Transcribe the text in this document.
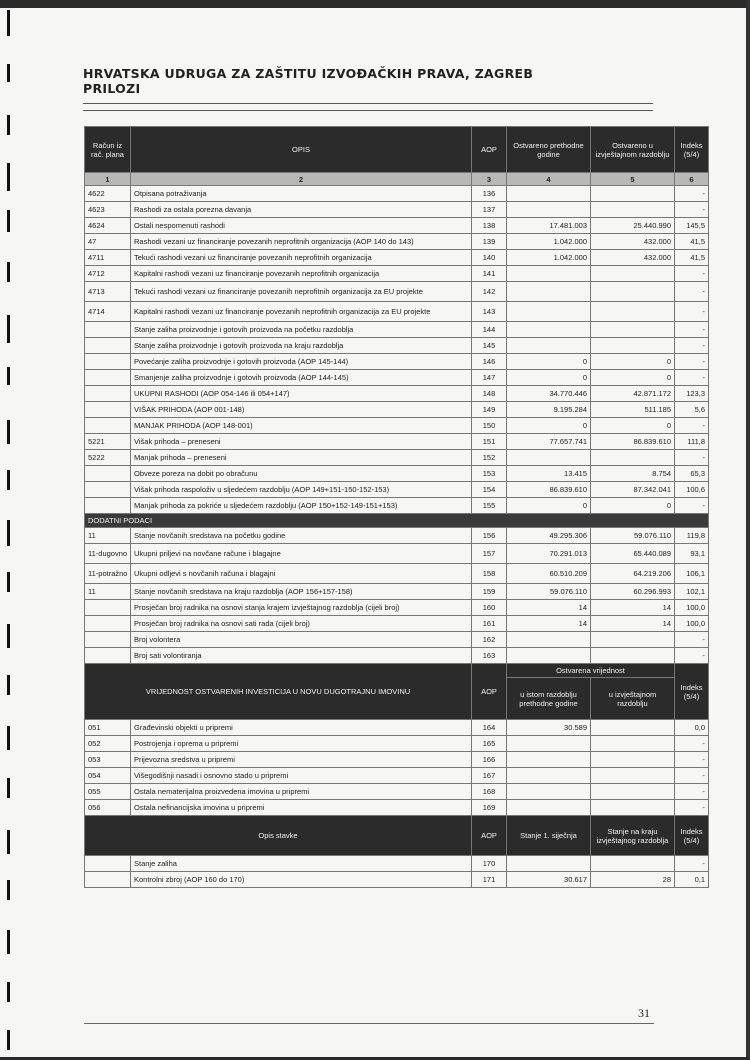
HRVATSKA UDRUGA ZA ZAŠTITU IZVOĐAČKIH PRAVA, ZAGREB
PRILOZI
Račun iz rač. plana	OPIS	AOP	Ostvareno prethodne godine	Ostvareno u izvještajnom razdoblju	Indeks (5/4)
1	2	3	4	5	6
4622	Otpisana potraživanja	136			-
4623	Rashodi za ostala porezna davanja	137			-
4624	Ostali nespomenuti rashodi	138	17.481.003	25.440.990	145,5
47	Rashodi vezani uz financiranje povezanih neprofitnih organizacija (AOP 140 do 143)	139	1.042.000	432.000	41,5
4711	Tekući rashodi vezani uz financiranje povezanih neprofitnih organizacija	140	1.042.000	432.000	41,5
4712	Kapitalni rashodi vezani uz financiranje povezanih neprofitnih organizacija	141			-
4713	Tekući rashodi vezani uz financiranje povezanih neprofitnih organizacija za EU projekte	142			-
4714	Kapitalni rashodi vezani uz financiranje povezanih neprofitnih organizacija za EU projekte	143			-
	Stanje zaliha proizvodnje i gotovih proizvoda na početku razdoblja	144			-
	Stanje zaliha proizvodnje i gotovih proizvoda na kraju razdoblja	145			-
	Povećanje zaliha proizvodnje i gotovih proizvoda (AOP 145-144)	146	0	0	-
	Smanjenje zaliha proizvodnje i gotovih proizvoda (AOP 144-145)	147	0	0	-
	UKUPNI RASHODI (AOP 054-146 ili 054+147)	148	34.770.446	42.871.172	123,3
	VIŠAK PRIHODA (AOP 001-148)	149	9.195.284	511.185	5,6
	MANJAK PRIHODA (AOP 148-001)	150	0	0	-
5221	Višak prihoda – preneseni	151	77.657.741	86.839.610	111,8
5222	Manjak prihoda – preneseni	152			-
	Obveze poreza na dobit po obračunu	153	13.415	8.754	65,3
	Višak prihoda raspoloživ u sljedećem razdoblju (AOP 149+151-150-152-153)	154	86.839.610	87.342.041	100,6
	Manjak prihoda za pokriće u sljedećem razdoblju (AOP 150+152-149-151+153)	155	0	0	-
DODATNI PODACI					
11	Stanje novčanih sredstava na početku godine	156	49.295.306	59.076.110	119,8
11-dugovno	Ukupni priljevi na novčane račune i blagajne	157	70.291.013	65.440.089	93,1
11-potražno	Ukupni odljevi s novčanih računa i blagajni	158	60.510.209	64.219.206	106,1
11	Stanje novčanih sredstava na kraju razdoblja (AOP 156+157-158)	159	59.076.110	60.296.993	102,1
	Prosječan broj radnika na osnovi stanja krajem izvještajnog razdoblja (cijeli broj)	160	14	14	100,0
	Prosječan broj radnika na osnovi sati rada (cijeli broj)	161	14	14	100,0
	Broj volontera	162			-
	Broj sati volontiranja	163			-
VRIJEDNOST OSTVARENIH INVESTICIJA U NOVU DUGOTRAJNU IMOVINU		AOP	Ostvarena vrijednost		Indeks (5/4)
			u istom razdoblju prethodne godine	u izvještajnom razdoblju	
051	Građevinski objekti u pripremi	164	30.589		0,0
052	Postrojenja i oprema u pripremi	165			-
053	Prijevozna sredstva u pripremi	166			-
054	Višegodišnji nasadi i osnovno stado u pripremi	167			-
055	Ostala nematerijalna proizvedena imovina u pripremi	168			-
056	Ostala nefinancijska imovina u pripremi	169			-
Opis stavke		AOP	Stanje 1. siječnja	Stanje na kraju izvještajnog razdoblja	Indeks (5/4)
	Stanje zaliha	170			-
	Kontrolni zbroj (AOP 160 do 170)	171	30.617	28	0,1
31
